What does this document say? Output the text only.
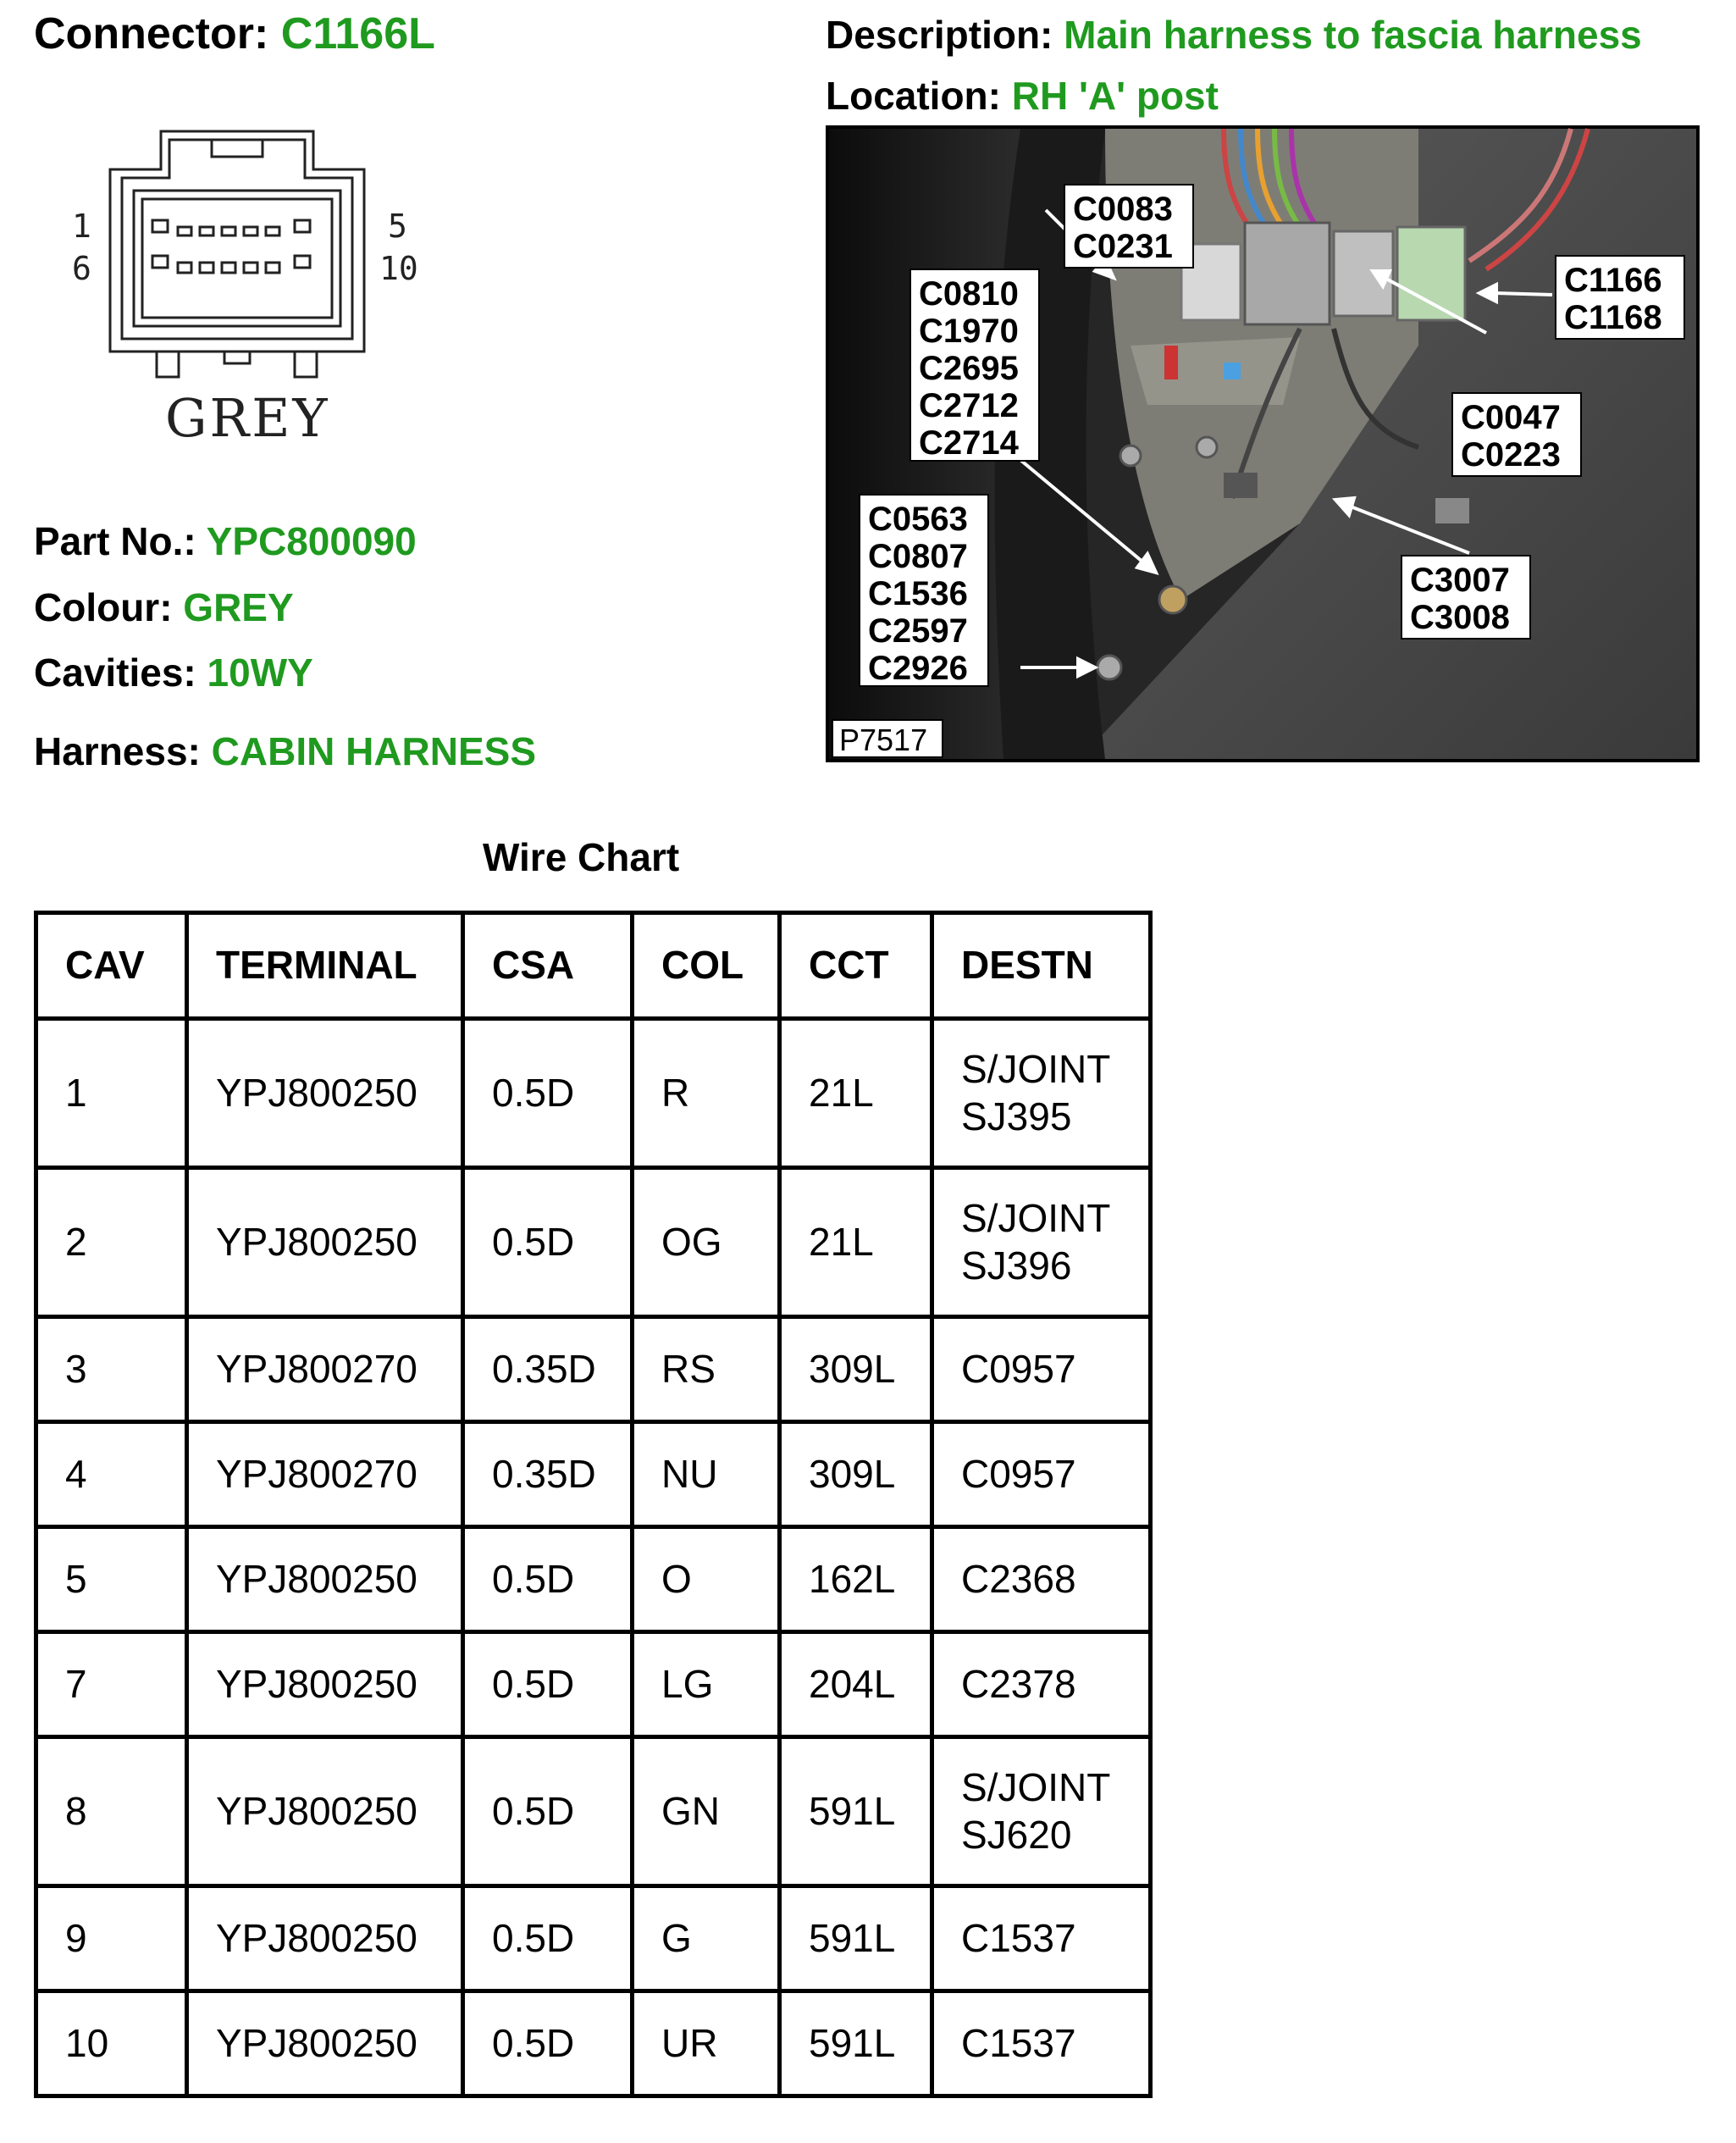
Connector: C1166L	Description: Main harness to fascia harness
Location: RH 'A' post
1
6
5
10
GREY
Part No.: YPC800090
Colour: GREY
Cavities: 10WY
Harness: CABIN HARNESS
C0083
C0231
C1166
C1168
C0810
C1970
C2695
C2712
C2714
C0047
C0223
C0563
C0807
C1536
C2597
C2926
C3007
C3008
P7517
Wire Chart
CAV	TERMINAL	CSA	COL	CCT	DESTN
1	YPJ800250	0.5D	R	21L	S/JOINT
SJ395

2	YPJ800250	0.5D	OG	21L	S/JOINT
SJ396

3	YPJ800270	0.35D	RS	309L	C0957

4	YPJ800270	0.35D	NU	309L	C0957

5	YPJ800250	0.5D	O	162L	C2368

7	YPJ800250	0.5D	LG	204L	C2378

8	YPJ800250	0.5D	GN	591L	S/JOINT
SJ620

9	YPJ800250	0.5D	G	591L	C1537

10	YPJ800250	0.5D	UR	591L	C1537
